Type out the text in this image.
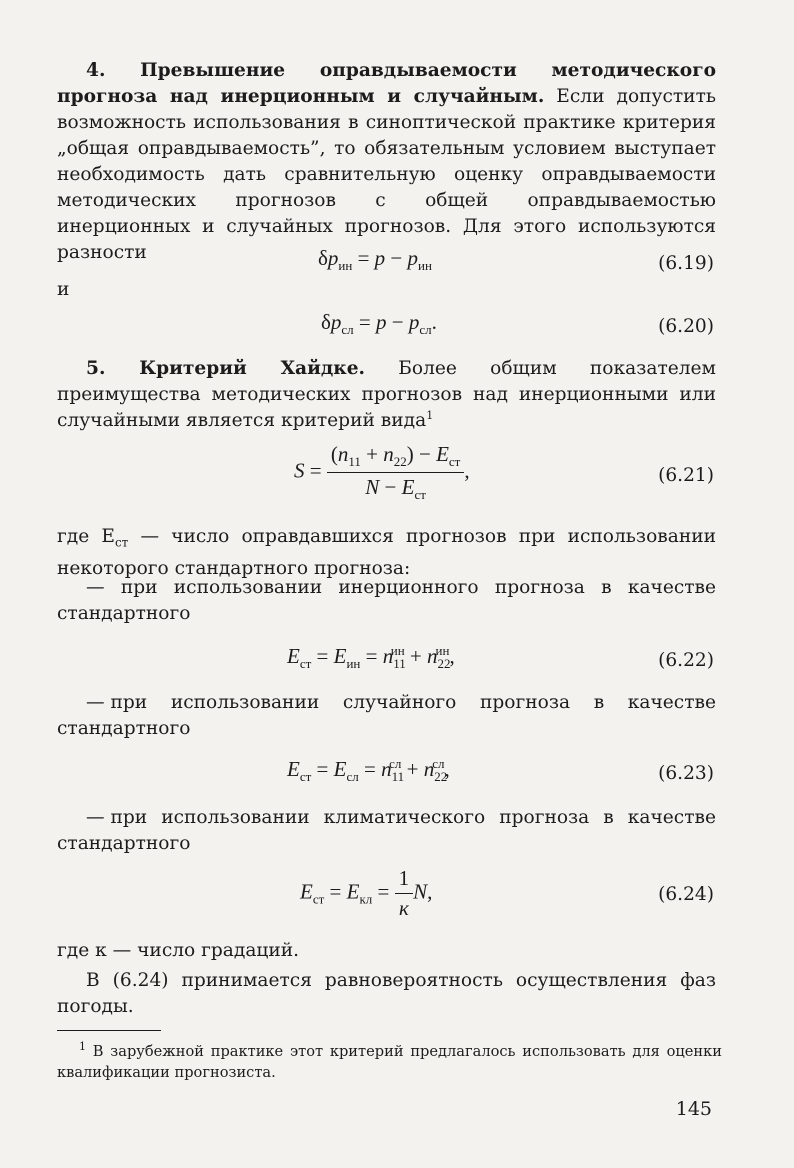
4. Превышение оправдываемости методического прогноза над инерционным и случайным. Если допустить возможность использования в синоптической практике критерия „общая оправдываемость”, то обязательным условием выступает необходимость дать сравнительную оценку оправдываемости методических прогнозов с общей оправдываемостью инерционных и случайных прогнозов. Для этого используются разности	$\delta p_{ин} = p - p_{ин}$	(6.19)
и
$\delta p_{сл} = p - p_{сл}$.	(6.20)

5. Критерий Хайдке. Более общим показателем преимущества методических прогнозов над инерционными или случайными является критерий вида$^1$

$S = \frac{(n_{11} + n_{22}) - E_{ст}}{N - E_{ст}}$ ,	(6.21)

где $E_{ст}$ — число оправдавшихся прогнозов при использовании некоторого стандартного прогноза:

— при использовании инерционного прогноза в качестве стандартного

$E_{ст} = E_{ин} = n_{11}^{ин} + n_{22}^{ин}$,	(6.22)
— при использовании случайного прогноза в качестве
стандартного
$E_{ст} = E_{сл} = n_{11}^{сл} + n_{22}^{сл}$,	(6.23)
— при использовании климатического прогноза в качестве
стандартного
$E_{ст} = E_{кл} = \frac{1}{к} N$,	(6.24)

где к — число градаций.

В (6.24) принимается равновероятность осуществления фаз погоды.

$^1$ В зарубежной практике этот критерий предлагалось использовать для оценки квалификации прогнозиста.

145
